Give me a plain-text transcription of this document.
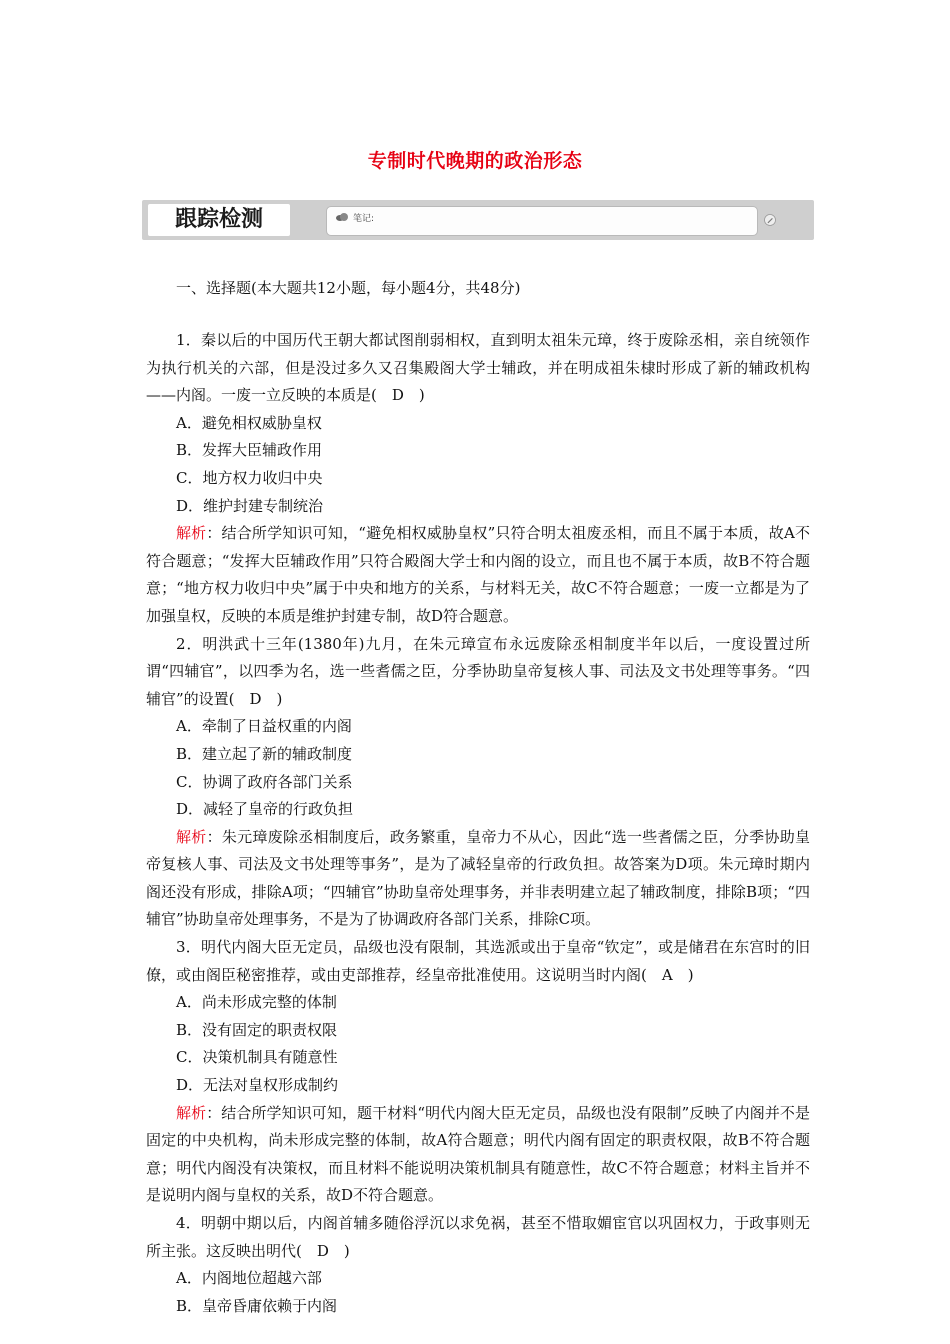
专制时代晚期的政治形态
跟踪检测	笔记:
一、选择题(本大题共12小题，每小题4分，共48分)

1．秦以后的中国历代王朝大都试图削弱相权，直到明太祖朱元璋，终于废除丞相，亲自统领作为执行机关的六部，但是没过多久又召集殿阁大学士辅政，并在明成祖朱棣时形成了新的辅政机构——内阁。一废一立反映的本质是(　D　)

A．避免相权威胁皇权
B．发挥大臣辅政作用
C．地方权力收归中央
D．维护封建专制统治

解析：结合所学知识可知，“避免相权威胁皇权”只符合明太祖废丞相，而且不属于本质，故A不符合题意；“发挥大臣辅政作用”只符合殿阁大学士和内阁的设立，而且也不属于本质，故B不符合题意；“地方权力收归中央”属于中央和地方的关系，与材料无关，故C不符合题意；一废一立都是为了加强皇权，反映的本质是维护封建专制，故D符合题意。

2．明洪武十三年(1380年)九月，在朱元璋宣布永远废除丞相制度半年以后，一度设置过所谓“四辅官”，以四季为名，选一些耆儒之臣，分季协助皇帝复核人事、司法及文书处理等事务。“四辅官”的设置(　D　)

A．牵制了日益权重的内阁
B．建立起了新的辅政制度
C．协调了政府各部门关系
D．减轻了皇帝的行政负担

解析：朱元璋废除丞相制度后，政务繁重，皇帝力不从心，因此“选一些耆儒之臣，分季协助皇帝复核人事、司法及文书处理等事务”，是为了减轻皇帝的行政负担。故答案为D项。朱元璋时期内阁还没有形成，排除A项；“四辅官”协助皇帝处理事务，并非表明建立起了辅政制度，排除B项；“四辅官”协助皇帝处理事务，不是为了协调政府各部门关系，排除C项。

3．明代内阁大臣无定员，品级也没有限制，其选派或出于皇帝“钦定”，或是储君在东宫时的旧僚，或由阁臣秘密推荐，或由吏部推荐，经皇帝批准使用。这说明当时内阁(　A　)

A．尚未形成完整的体制
B．没有固定的职责权限
C．决策机制具有随意性
D．无法对皇权形成制约

解析：结合所学知识可知，题干材料“明代内阁大臣无定员，品级也没有限制”反映了内阁并不是固定的中央机构，尚未形成完整的体制，故A符合题意；明代内阁有固定的职责权限，故B不符合题意；明代内阁没有决策权，而且材料不能说明决策机制具有随意性，故C不符合题意；材料主旨并不是说明内阁与皇权的关系，故D不符合题意。

4．明朝中期以后，内阁首辅多随俗浮沉以求免祸，甚至不惜取媚宦官以巩固权力，于政事则无所主张。这反映出明代(　D　)

A．内阁地位超越六部
B．皇帝昏庸依赖于内阁
